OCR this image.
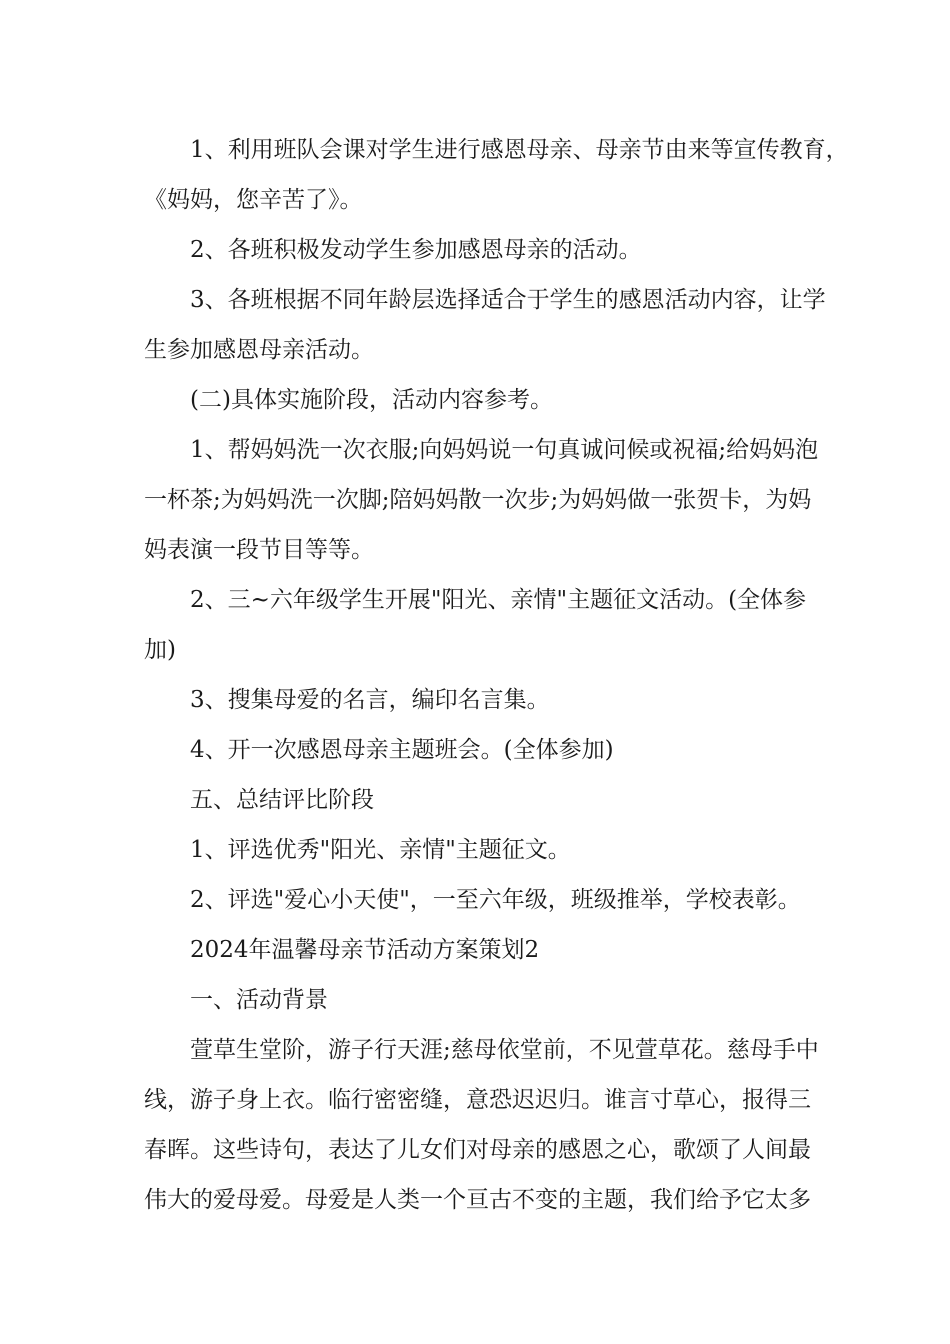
　　1、利用班队会课对学生进行感恩母亲、母亲节由来等宣传教育，
《妈妈，您辛苦了》。
　　2、各班积极发动学生参加感恩母亲的活动。
　　3、各班根据不同年龄层选择适合于学生的感恩活动内容，让学
生参加感恩母亲活动。
　　(二)具体实施阶段，活动内容参考。
　　1、帮妈妈洗一次衣服;向妈妈说一句真诚问候或祝福;给妈妈泡
一杯茶;为妈妈洗一次脚;陪妈妈散一次步;为妈妈做一张贺卡，为妈
妈表演一段节目等等。
　　2、三~六年级学生开展"阳光、亲情"主题征文活动。(全体参
加)
　　3、搜集母爱的名言，编印名言集。
　　4、开一次感恩母亲主题班会。(全体参加)
　　五、总结评比阶段
　　1、评选优秀"阳光、亲情"主题征文。
　　2、评选"爱心小天使"，一至六年级，班级推举，学校表彰。
　　2024年温馨母亲节活动方案策划2
　　一、活动背景
　　萱草生堂阶，游子行天涯;慈母依堂前，不见萱草花。慈母手中
线，游子身上衣。临行密密缝，意恐迟迟归。谁言寸草心，报得三
春晖。这些诗句，表达了儿女们对母亲的感恩之心，歌颂了人间最
伟大的爱母爱。母爱是人类一个亘古不变的主题，我们给予它太多
